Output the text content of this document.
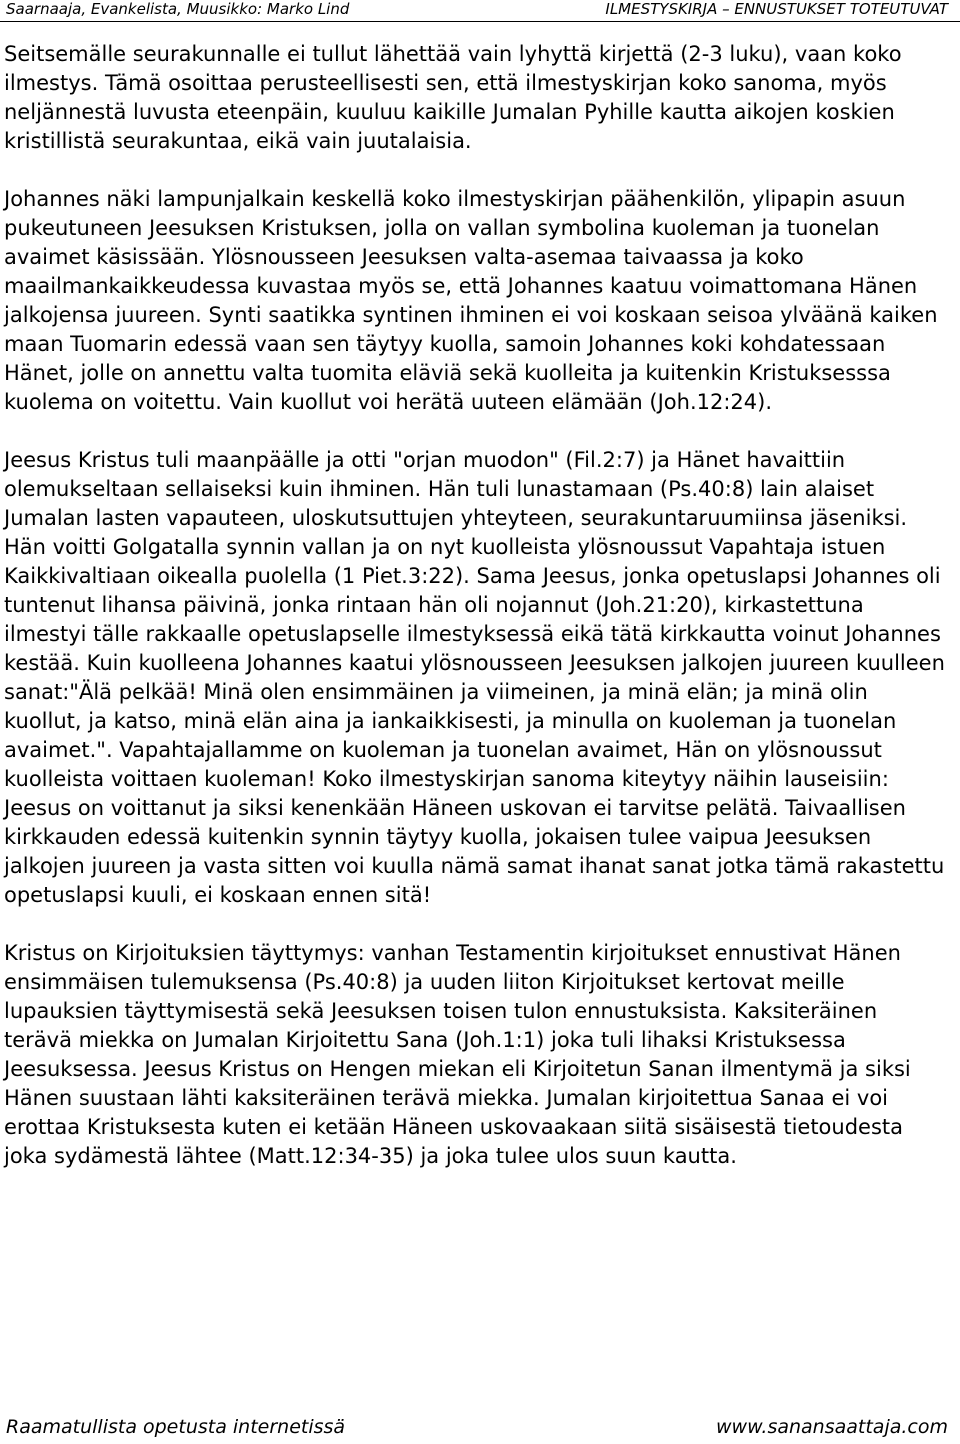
Saarnaaja, Evankelista, Muusikko: Marko Lind	ILMESTYSKIRJA – ENNUSTUKSET TOTEUTUVAT

Seitsemälle seurakunnalle ei tullut lähettää vain lyhyttä kirjettä (2-3 luku), vaan koko ilmestys. Tämä osoittaa perusteellisesti sen, että ilmestyskirjan koko sanoma, myös neljännestä luvusta eteenpäin, kuuluu kaikille Jumalan Pyhille kautta aikojen koskien kristillistä seurakuntaa, eikä vain juutalaisia.

Johannes näki lampunjalkain keskellä koko ilmestyskirjan päähenkilön, ylipapin asuun pukeutuneen Jeesuksen Kristuksen, jolla on vallan symbolina kuoleman ja tuonelan avaimet käsissään. Ylösnousseen Jeesuksen valta-asemaa taivaassa ja koko maailmankaikkeudessa kuvastaa myös se, että Johannes kaatuu voimattomana Hänen jalkojensa juureen. Synti saatikka syntinen ihminen ei voi koskaan seisoa ylväänä kaiken maan Tuomarin edessä vaan sen täytyy kuolla, samoin Johannes koki kohdatessaan Hänet, jolle on annettu valta tuomita eläviä sekä kuolleita ja kuitenkin Kristuksesssa kuolema on voitettu. Vain kuollut voi herätä uuteen elämään (Joh.12:24).

Jeesus Kristus tuli maanpäälle ja otti "orjan muodon" (Fil.2:7) ja Hänet havaittiin olemukseltaan sellaiseksi kuin ihminen. Hän tuli lunastamaan (Ps.40:8) lain alaiset Jumalan lasten vapauteen, uloskutsuttujen yhteyteen, seurakuntaruumiinsa jäseniksi. Hän voitti Golgatalla synnin vallan ja on nyt kuolleista ylösnoussut Vapahtaja istuen Kaikkivaltiaan oikealla puolella (1 Piet.3:22). Sama Jeesus, jonka opetuslapsi Johannes oli tuntenut lihansa päivinä, jonka rintaan hän oli nojannut (Joh.21:20), kirkastettuna ilmestyi tälle rakkaalle opetuslapselle ilmestyksessä eikä tätä kirkkautta voinut Johannes kestää. Kuin kuolleena Johannes kaatui ylösnousseen Jeesuksen jalkojen juureen kuulleen sanat:"Älä pelkää! Minä olen ensimmäinen ja viimeinen, ja minä elän; ja minä olin kuollut, ja katso, minä elän aina ja iankaikkisesti, ja minulla on kuoleman ja tuonelan avaimet.". Vapahtajallamme on kuoleman ja tuonelan avaimet, Hän on ylösnoussut kuolleista voittaen kuoleman! Koko ilmestyskirjan sanoma kiteytyy näihin lauseisiin: Jeesus on voittanut ja siksi kenenkään Häneen uskovan ei tarvitse pelätä. Taivaallisen kirkkauden edessä kuitenkin synnin täytyy kuolla, jokaisen tulee vaipua Jeesuksen jalkojen juureen ja vasta sitten voi kuulla nämä samat ihanat sanat jotka tämä rakastettu opetuslapsi kuuli, ei koskaan ennen sitä!

Kristus on Kirjoituksien täyttymys: vanhan Testamentin kirjoitukset ennustivat Hänen ensimmäisen tulemuksensa (Ps.40:8) ja uuden liiton Kirjoitukset kertovat meille lupauksien täyttymisestä sekä Jeesuksen toisen tulon ennustuksista. Kaksiteräinen terävä miekka on Jumalan Kirjoitettu Sana (Joh.1:1) joka tuli lihaksi Kristuksessa Jeesuksessa. Jeesus Kristus on Hengen miekan eli Kirjoitetun Sanan ilmentymä ja siksi Hänen suustaan lähti kaksiteräinen terävä miekka. Jumalan kirjoitettua Sanaa ei voi erottaa Kristuksesta kuten ei ketään Häneen uskovaakaan siitä sisäisestä tietoudesta joka sydämestä lähtee (Matt.12:34-35) ja joka tulee ulos suun kautta.

Raamatullista opetusta internetissä	www.sanansaattaja.com
